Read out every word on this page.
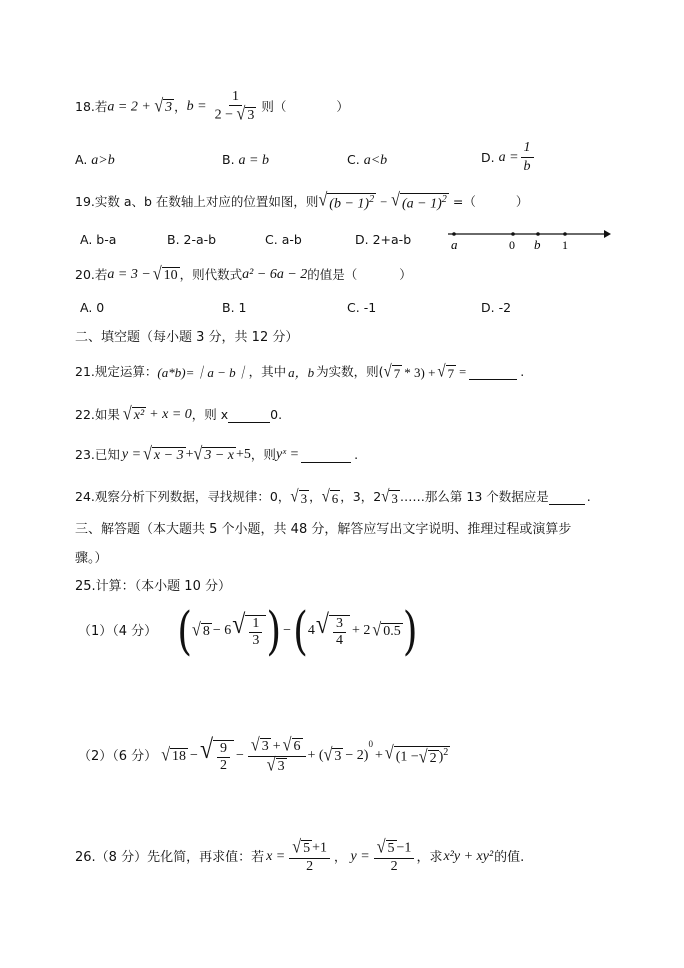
18. 若 a = 2 + √ 3 ， $b = \frac{1}{2 - √ 3}$ 则（	）
A. a>b	B. a = b	C. a<b	D.
$a = \frac{1}{b}$
19. 实数 a、b 在数轴上对应的位置如图，则 √ $(b - 1)^2$ − √ $(a - 1)^2$ =（	）
A. b-a	B. 2-a-b	C. a-b	D. 2+a-b	a	0 b 1
20. 若 a = 3 − √ 10 ，则代数式 a² − 6a − 2 的值是（	）
A. 0	B. 1	C. -1	D. -2
二、填空题（每小题 3 分，共 12 分）
21. 规定运算： (a*b)=｜a − b｜ ，其中 a，b 为实数，则( √ 7 * 3) + √ 7 =	.
22. 如果 √ x² + x = 0 ，则 x	0.
23. 已知 y = √ x − 3 + √ 3 − x +5 ，则 yˣ =	.
24. 观察分析下列数据，寻找规律：0， √ 3 ， √ 6 ，3，2 √ 3 ……那么第 13 个数据应是	.
三、解答题（本大题共 5 个小题，共 48 分，解答应写出文字说明、推理过程或演算步
骤。）
25.计算：（本小题 10 分）
（1）（4 分） ( √ 8 − 6 √ $\frac{1}{3}$ ) − ( 4 √ $\frac{3}{4} + 2$ √ 0.5 )
（2）（6 分） √ 18 − √ $\frac{9}{2} - \frac{√ 3 + √ 6}{√ 3}$ + ( √ 3 − 2)
0
+ √ (1 − √ 2 )$^2$
26.（8 分）先化简，再求值：若 $x = \frac{√ 5 +1}{2}$ ， $y = \frac{√ 5 -1}{2}$ ，求 x²y + xy² 的值.
